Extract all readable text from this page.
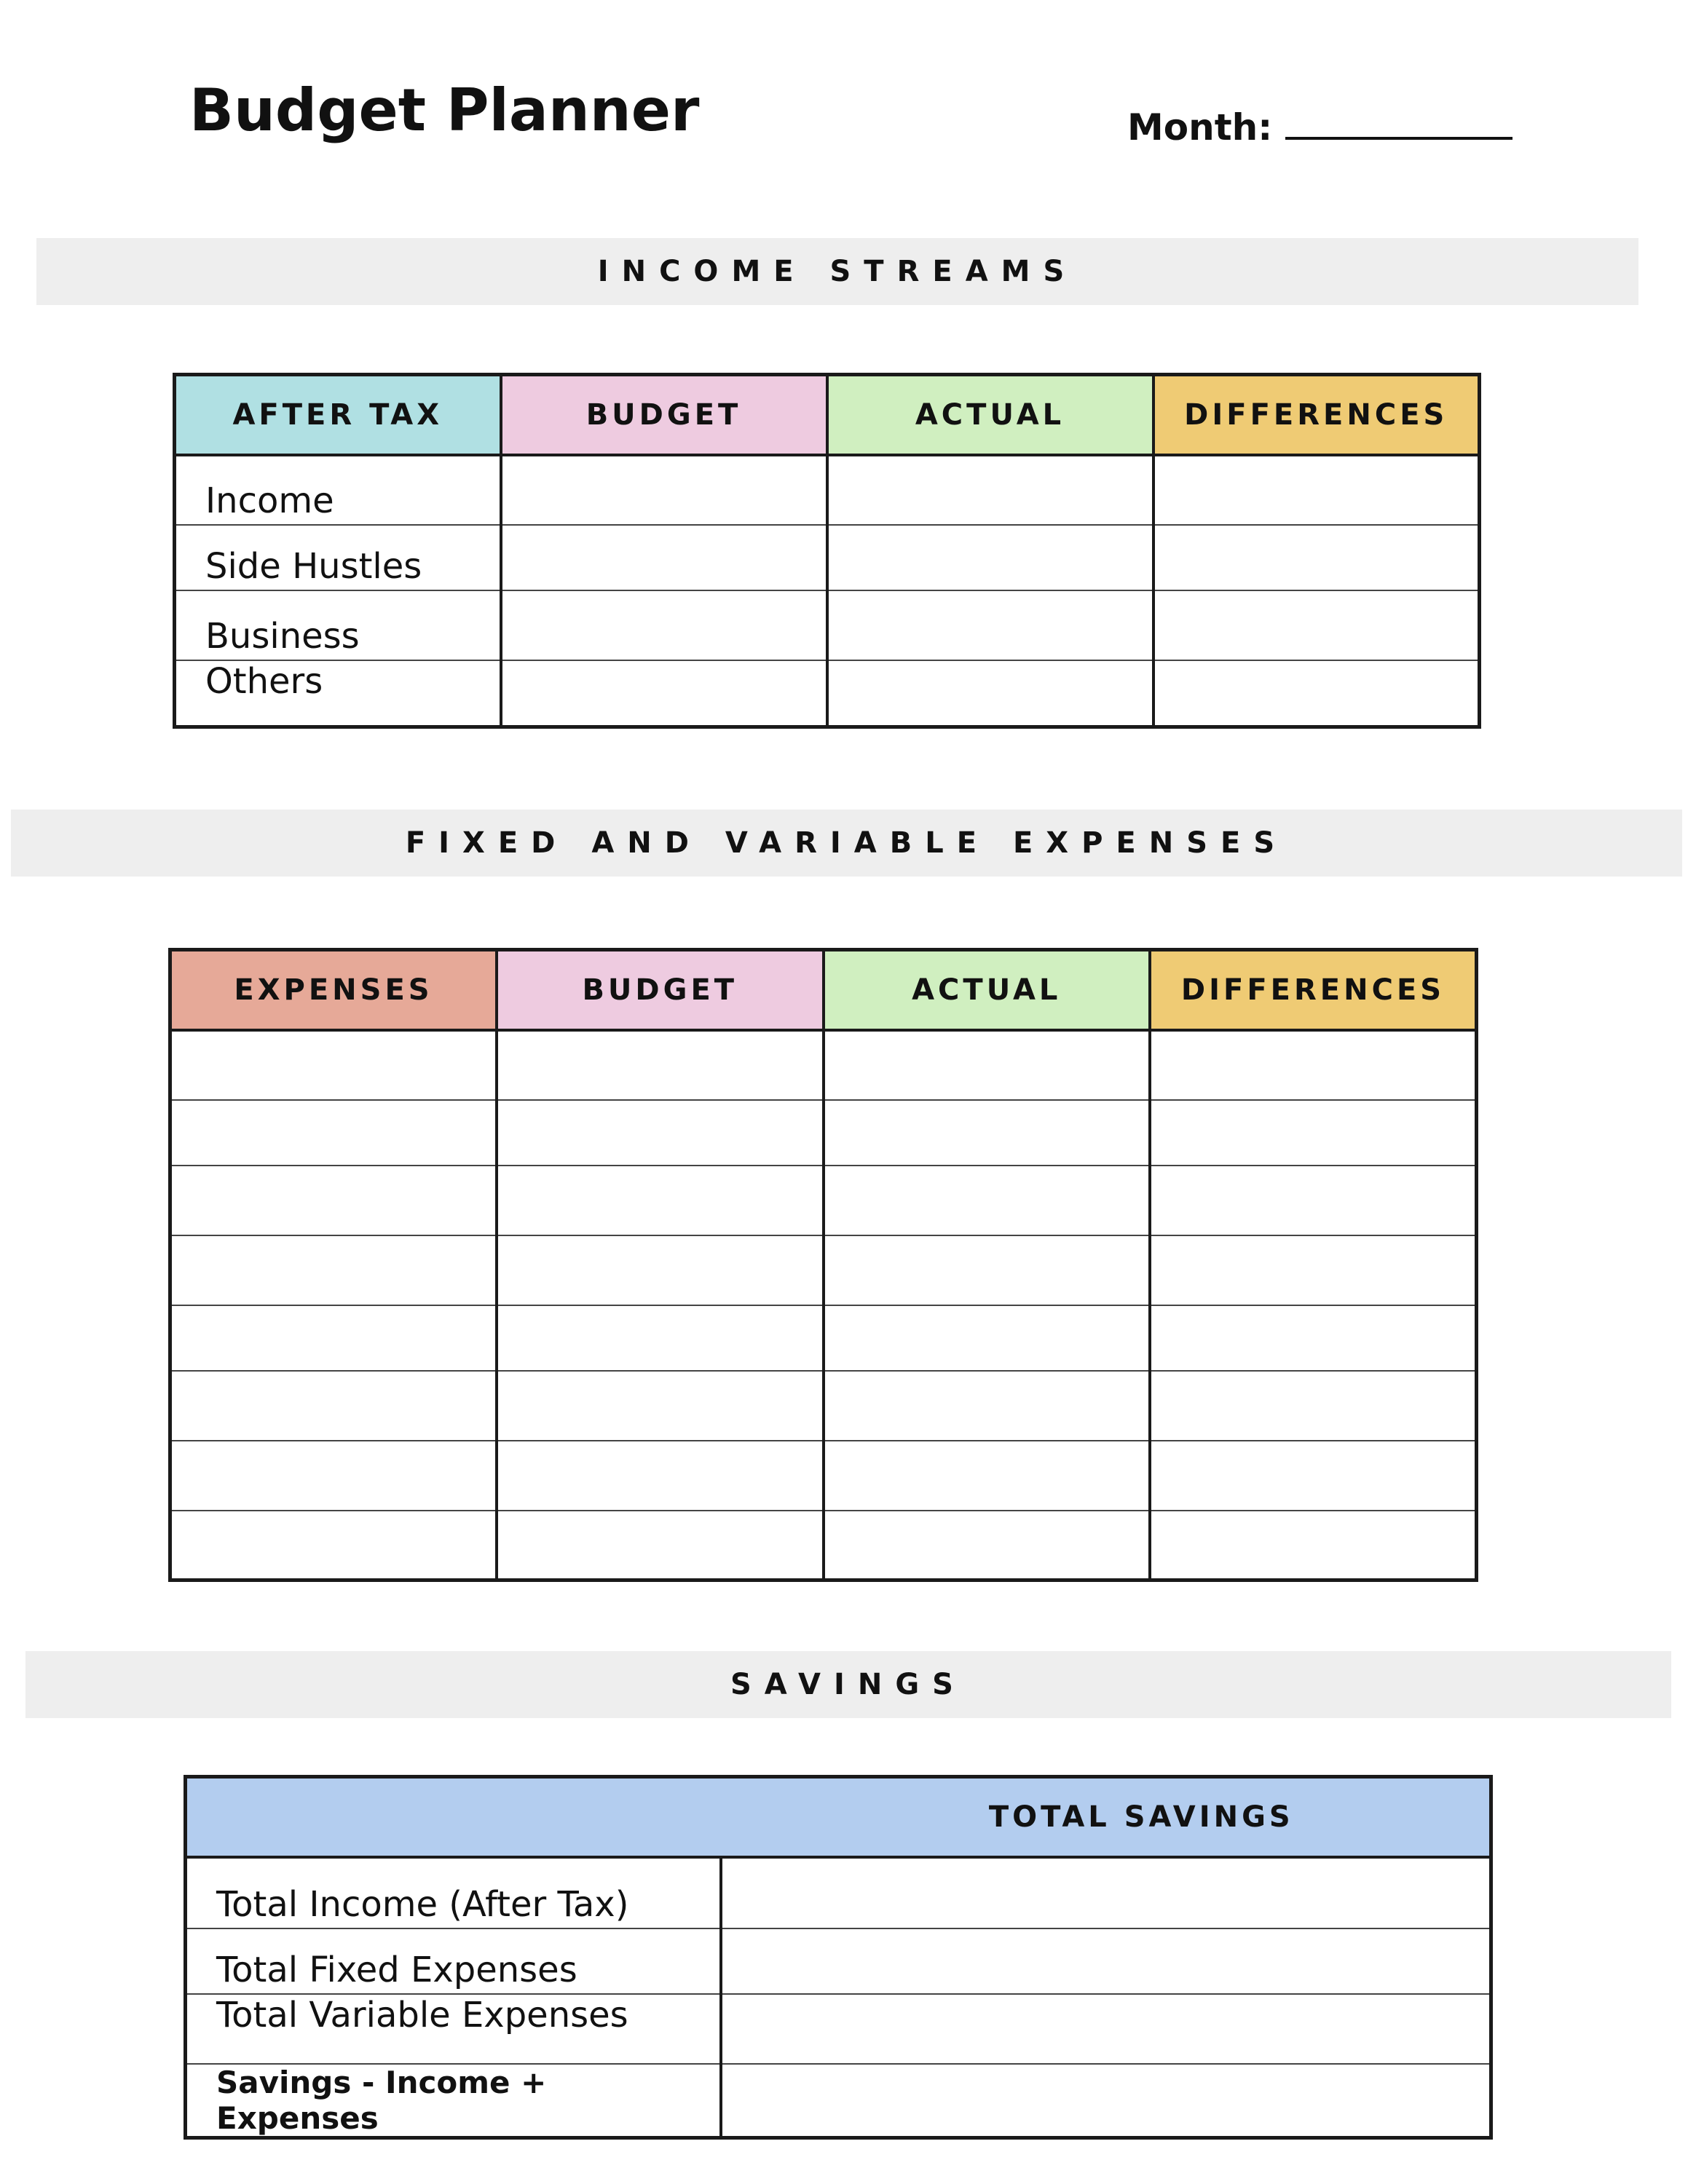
Budget Planner	Month:
INCOME STREAMS
AFTER TAX	BUDGET	ACTUAL	DIFFERENCES
Income			
Side Hustles			
Business			
Others			
FIXED AND VARIABLE EXPENSES
EXPENSES	BUDGET	ACTUAL	DIFFERENCES

SAVINGS
	TOTAL SAVINGS
Total Income (After Tax)	
Total Fixed Expenses	
Total Variable Expenses	
Savings - Income + Expenses	
